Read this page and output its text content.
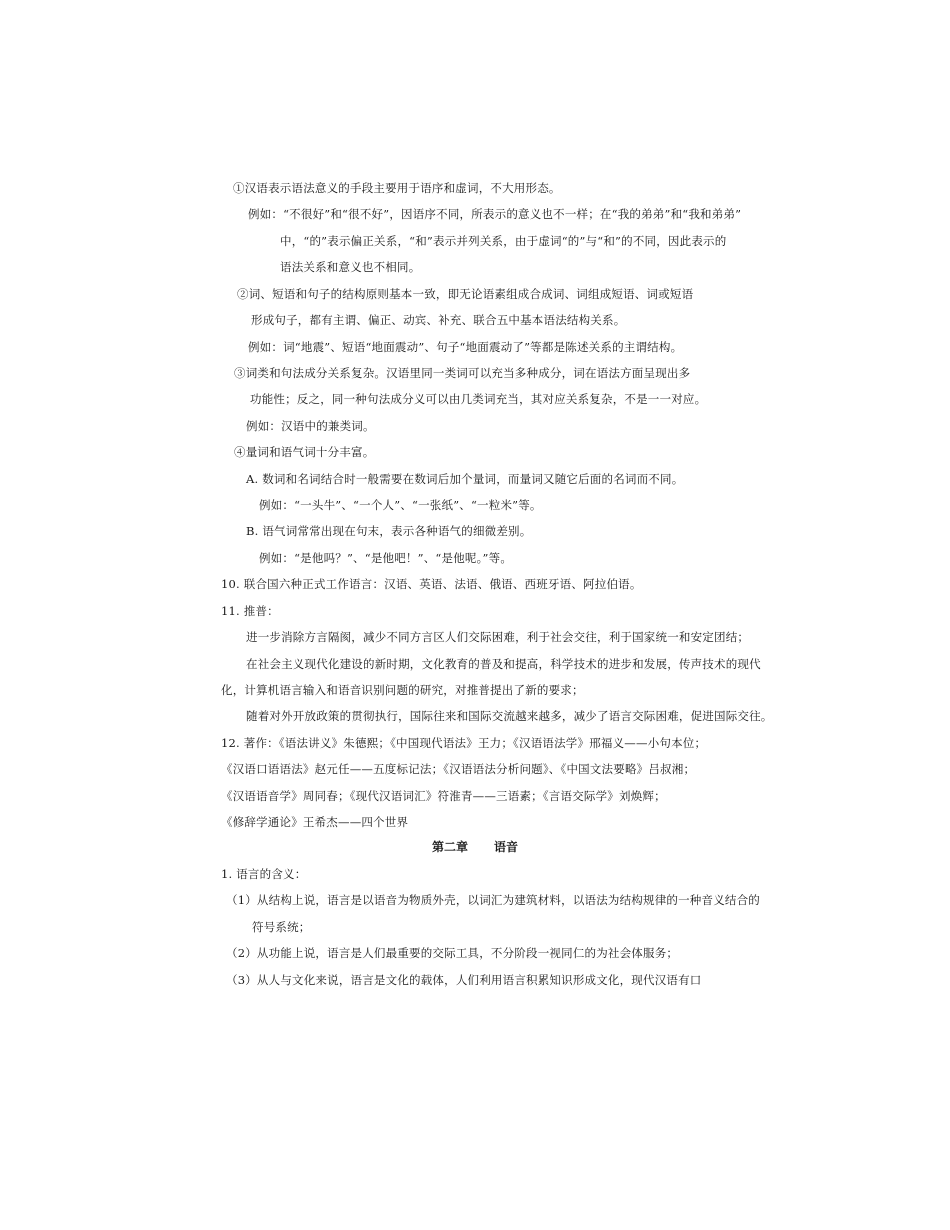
①汉语表示语法意义的手段主要用于语序和虚词，不大用形态。
例如：“不很好”和“很不好”，因语序不同，所表示的意义也不一样；在“我的弟弟”和“我和弟弟”
中，“的”表示偏正关系，“和”表示并列关系，由于虚词“的”与“和”的不同，因此表示的
语法关系和意义也不相同。
②词、短语和句子的结构原则基本一致，即无论语素组成合成词、词组成短语、词或短语
形成句子，都有主谓、偏正、动宾、补充、联合五中基本语法结构关系。
例如：词“地震”、短语“地面震动”、句子“地面震动了”等都是陈述关系的主谓结构。
③词类和句法成分关系复杂。汉语里同一类词可以充当多种成分，词在语法方面呈现出多
功能性；反之，同一种句法成分义可以由几类词充当，其对应关系复杂，不是一一对应。
例如：汉语中的兼类词。
④量词和语气词十分丰富。
A. 数词和名词结合时一般需要在数词后加个量词，而量词又随它后面的名词而不同。
例如：“一头牛”、“一个人”、“一张纸”、“一粒米”等。
B. 语气词常常出现在句末，表示各种语气的细微差别。
例如：“是他吗？”、“是他吧！”、“是他呢。”等。
10. 联合国六种正式工作语言：汉语、英语、法语、俄语、西班牙语、阿拉伯语。
11. 推普：
进一步消除方言隔阂，减少不同方言区人们交际困难，利于社会交往，利于国家统一和安定团结；
在社会主义现代化建设的新时期，文化教育的普及和提高，科学技术的进步和发展，传声技术的现代
化，计算机语言输入和语音识别问题的研究，对推普提出了新的要求；
随着对外开放政策的贯彻执行，国际往来和国际交流越来越多，减少了语言交际困难，促进国际交往。
12. 著作：《语法讲义》朱德熙；《中国现代语法》王力；《汉语语法学》邢福义——小句本位；
《汉语口语语法》赵元任——五度标记法；《汉语语法分析问题》、《中国文法要略》吕叔湘；
《汉语语音学》周同春；《现代汉语词汇》符淮青——三语素；《言语交际学》刘焕辉；
《修辞学通论》王希杰——四个世界
第二章 语音
1. 语言的含义：
（1）从结构上说，语言是以语音为物质外壳，以词汇为建筑材料，以语法为结构规律的一种音义结合的
符号系统；
（2）从功能上说，语言是人们最重要的交际工具，不分阶段一视同仁的为社会体服务；
（3）从人与文化来说，语言是文化的载体，人们利用语言积累知识形成文化，现代汉语有口
